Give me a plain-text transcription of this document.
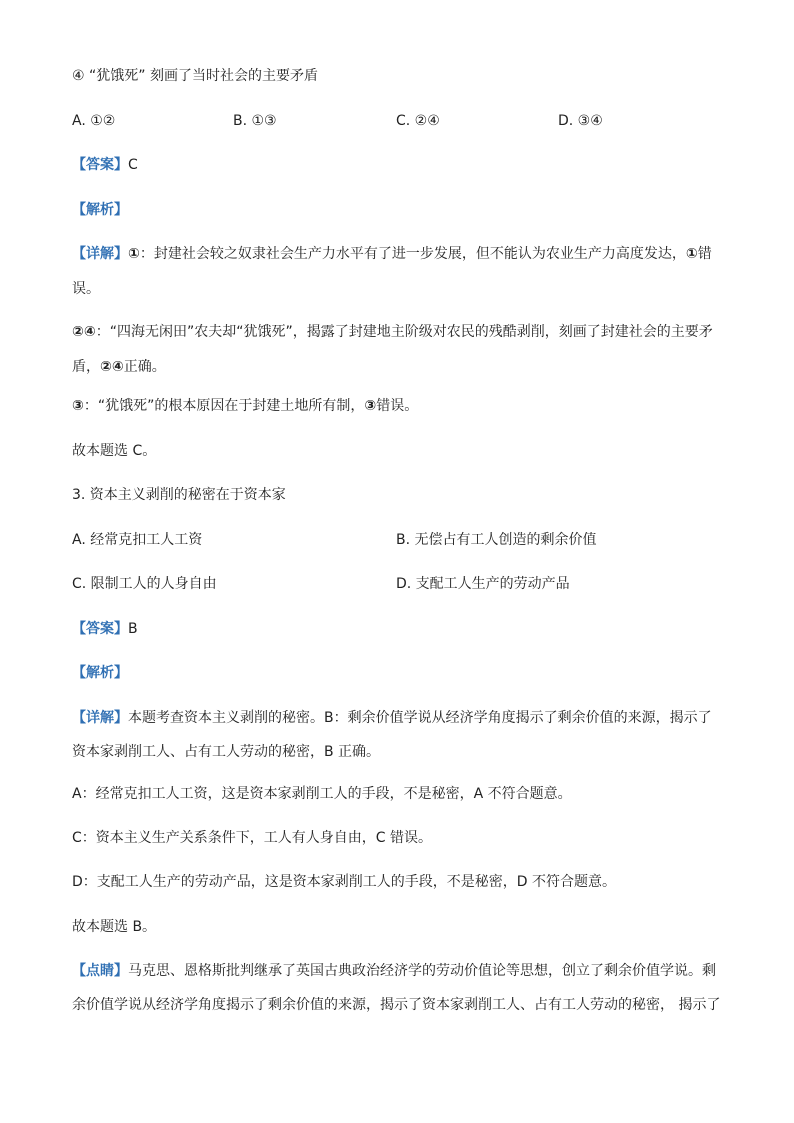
④ “犹饿死” 刻画了当时社会的主要矛盾
A. ①②	B. ①③	C. ②④	D. ③④
【答案】C
【解析】
【详解】①：封建社会较之奴隶社会生产力水平有了进一步发展，但不能认为农业生产力高度发达，①错误。
②④：“四海无闲田”农夫却“犹饿死”，揭露了封建地主阶级对农民的残酷剥削，刻画了封建社会的主要矛盾，②④正确。
③：“犹饿死”的根本原因在于封建土地所有制，③错误。
故本题选 C。
3. 资本主义剥削的秘密在于资本家
A. 经常克扣工人工资	B. 无偿占有工人创造的剩余价值
C. 限制工人的人身自由	D. 支配工人生产的劳动产品
【答案】B
【解析】
【详解】本题考查资本主义剥削的秘密。B：剩余价值学说从经济学角度揭示了剩余价值的来源，揭示了资本家剥削工人、占有工人劳动的秘密，B 正确。
A：经常克扣工人工资，这是资本家剥削工人的手段，不是秘密，A 不符合题意。
C：资本主义生产关系条件下，工人有人身自由，C 错误。
D：支配工人生产的劳动产品，这是资本家剥削工人的手段，不是秘密，D 不符合题意。
故本题选 B。
【点睛】马克思、恩格斯批判继承了英国古典政治经济学的劳动价值论等思想，创立了剩余价值学说。剩余价值学说从经济学角度揭示了剩余价值的来源，揭示了资本家剥削工人、占有工人劳动的秘密， 揭示了
